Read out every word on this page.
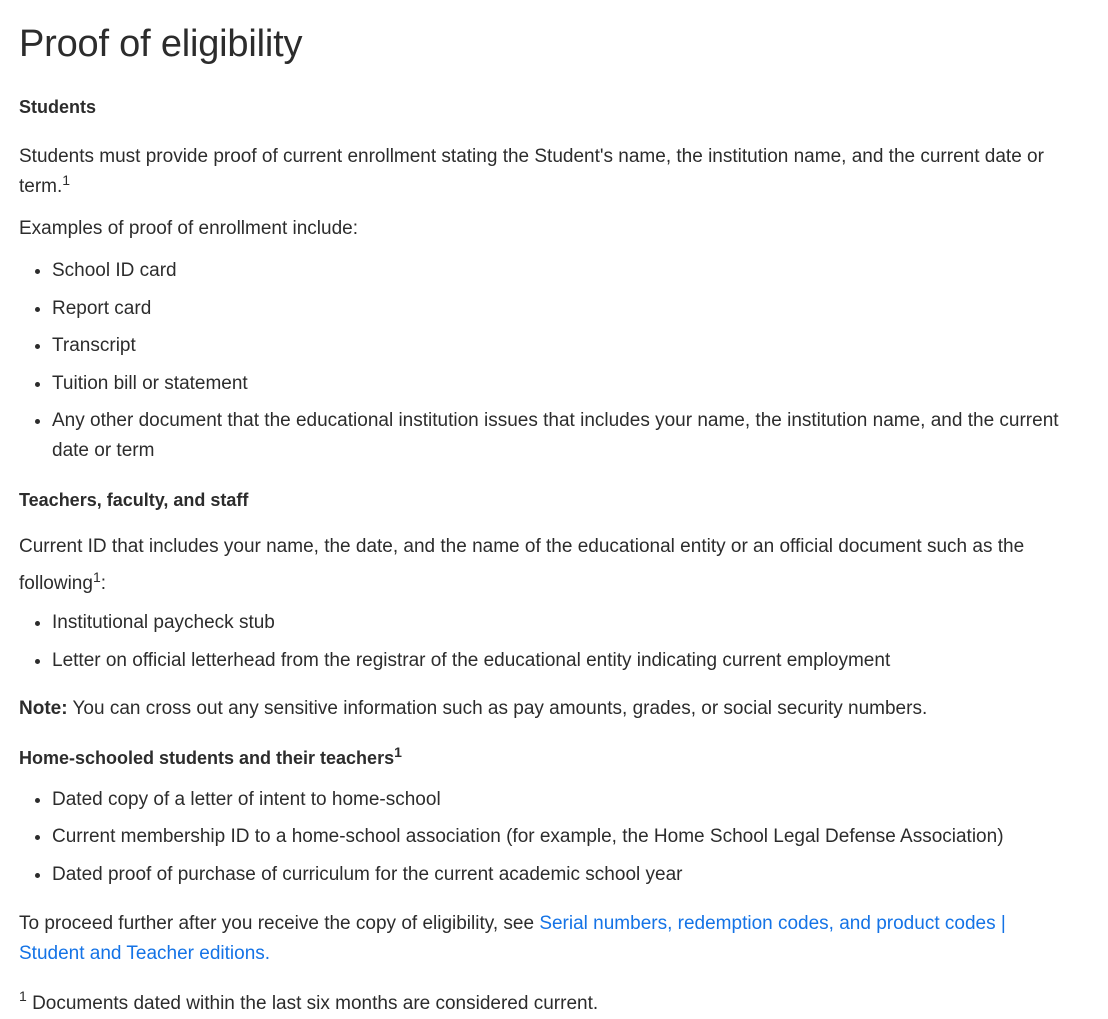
Proof of eligibility
Students

Students must provide proof of current enrollment stating the Student's name, the institution name, and the current date or term.$^1$

Examples of proof of enrollment include:

• School ID card
• Report card
• Transcript
• Tuition bill or statement
• Any other document that the educational institution issues that includes your name, the institution name, and the current date or term
Teachers, faculty, and staff

Current ID that includes your name, the date, and the name of the educational entity or an official document such as the
following$^1$:

• Institutional paycheck stub
• Letter on official letterhead from the registrar of the educational entity indicating current employment

Note: You can cross out any sensitive information such as pay amounts, grades, or social security numbers.

Home-schooled students and their teachers$^1$
• Dated copy of a letter of intent to home-school
• Current membership ID to a home-school association (for example, the Home School Legal Defense Association)
• Dated proof of purchase of curriculum for the current academic school year

To proceed further after you receive the copy of eligibility, see Serial numbers, redemption codes, and product codes | Student and Teacher editions.

$^1$ Documents dated within the last six months are considered current.
